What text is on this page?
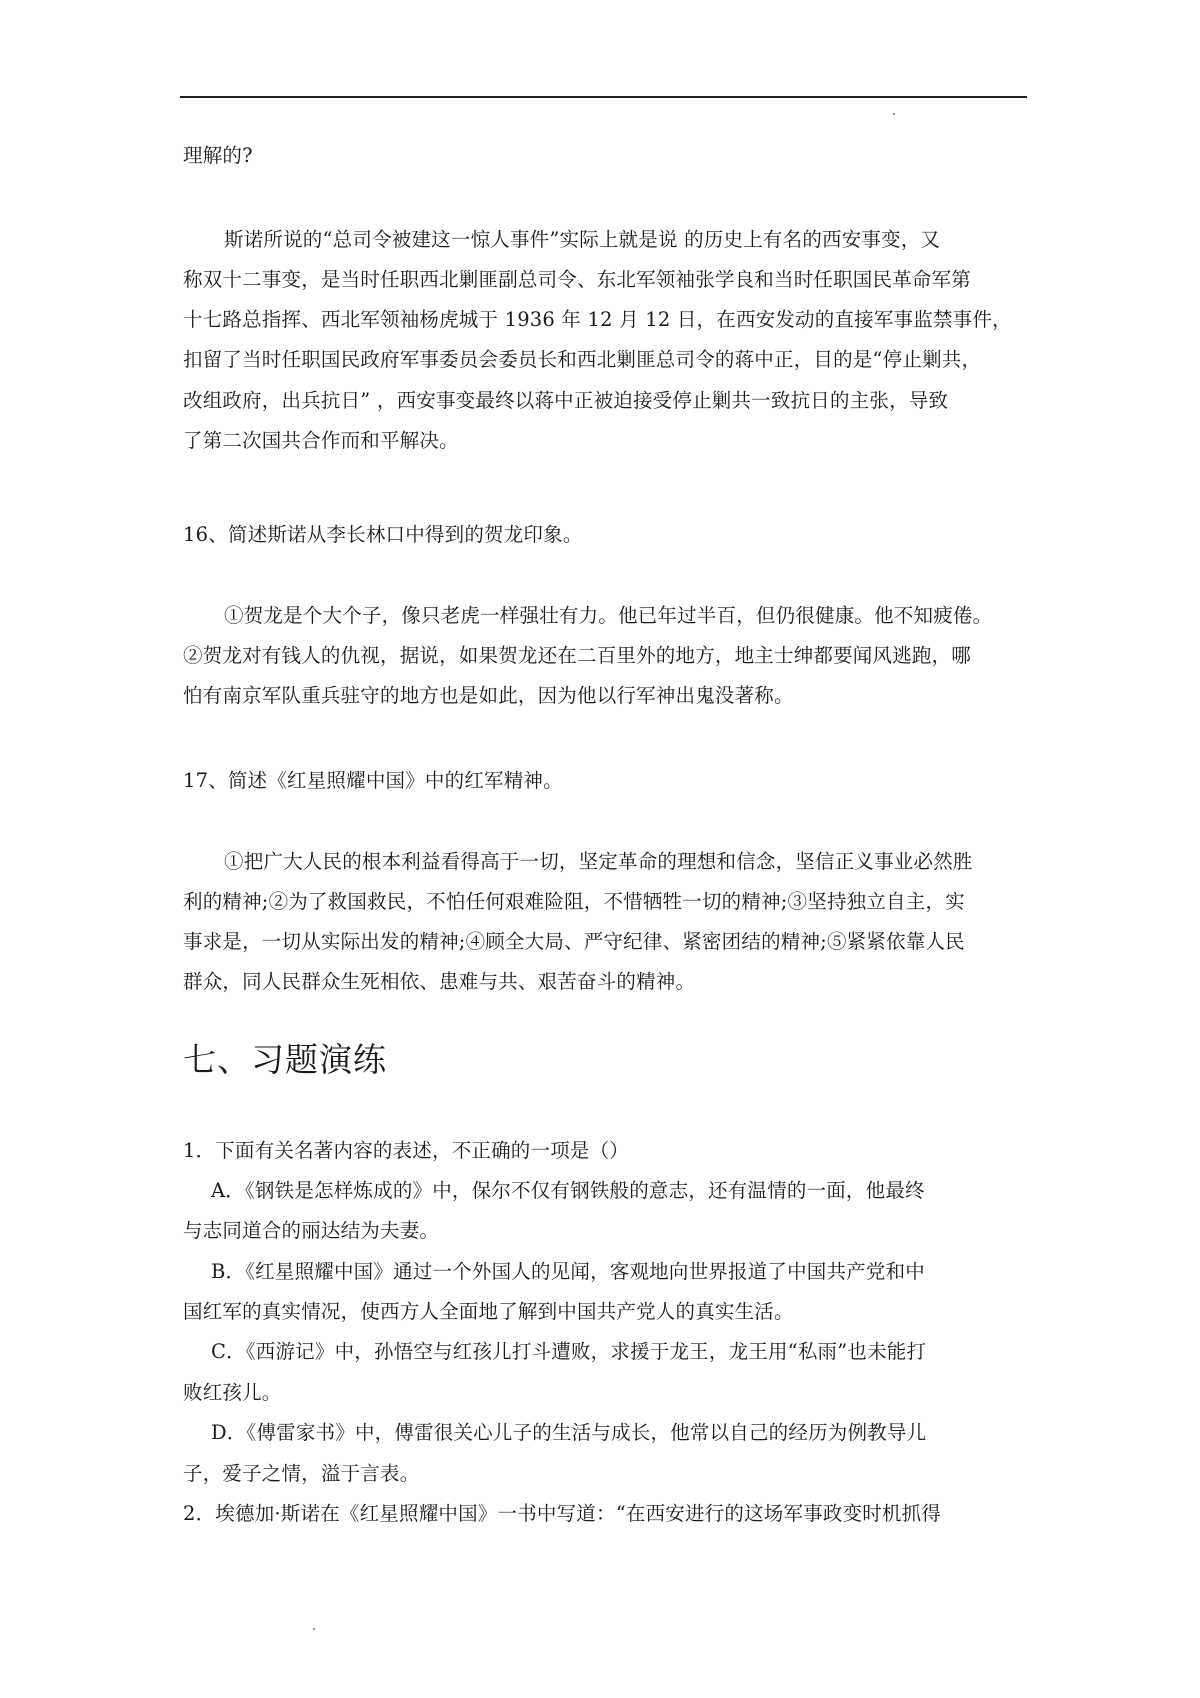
理解的?
斯诺所说的“总司令被建这一惊人事件”实际上就是说 的历史上有名的西安事变，又
称双十二事变，是当时任职西北剿匪副总司令、东北军领袖张学良和当时任职国民革命军第
十七路总指挥、西北军领袖杨虎城于 1936 年 12 月 12 日，在西安发动的直接军事监禁事件，
扣留了当时任职国民政府军事委员会委员长和西北剿匪总司令的蒋中正，目的是“停止剿共，
改组政府，出兵抗日” ，西安事变最终以蒋中正被迫接受停止剿共一致抗日的主张，导致
了第二次国共合作而和平解决。
16、简述斯诺从李长林口中得到的贺龙印象。
①贺龙是个大个子，像只老虎一样强壮有力。他已年过半百，但仍很健康。他不知疲倦。
②贺龙对有钱人的仇视，据说，如果贺龙还在二百里外的地方，地主士绅都要闻风逃跑，哪
怕有南京军队重兵驻守的地方也是如此，因为他以行军神出鬼没著称。
17、简述《红星照耀中国》中的红军精神。
①把广大人民的根本利益看得高于一切，坚定革命的理想和信念，坚信正义事业必然胜
利的精神;②为了救国救民，不怕任何艰难险阻，不惜牺牲一切的精神;③坚持独立自主，实
事求是，一切从实际出发的精神;④顾全大局、严守纪律、紧密团结的精神;⑤紧紧依靠人民
群众，同人民群众生死相依、患难与共、艰苦奋斗的精神。
七、习题演练
1．下面有关名著内容的表述，不正确的一项是（）
A．《钢铁是怎样炼成的》中，保尔不仅有钢铁般的意志，还有温情的一面，他最终
与志同道合的丽达结为夫妻。
B．《红星照耀中国》通过一个外国人的见闻，客观地向世界报道了中国共产党和中
国红军的真实情况，使西方人全面地了解到中国共产党人的真实生活。
C．《西游记》中，孙悟空与红孩儿打斗遭败，求援于龙王，龙王用“私雨”也未能打
败红孩儿。
D．《傅雷家书》中，傅雷很关心儿子的生活与成长，他常以自己的经历为例教导儿
子，爱子之情，溢于言表。
2．埃德加·斯诺在《红星照耀中国》一书中写道：“在西安进行的这场军事政变时机抓得
